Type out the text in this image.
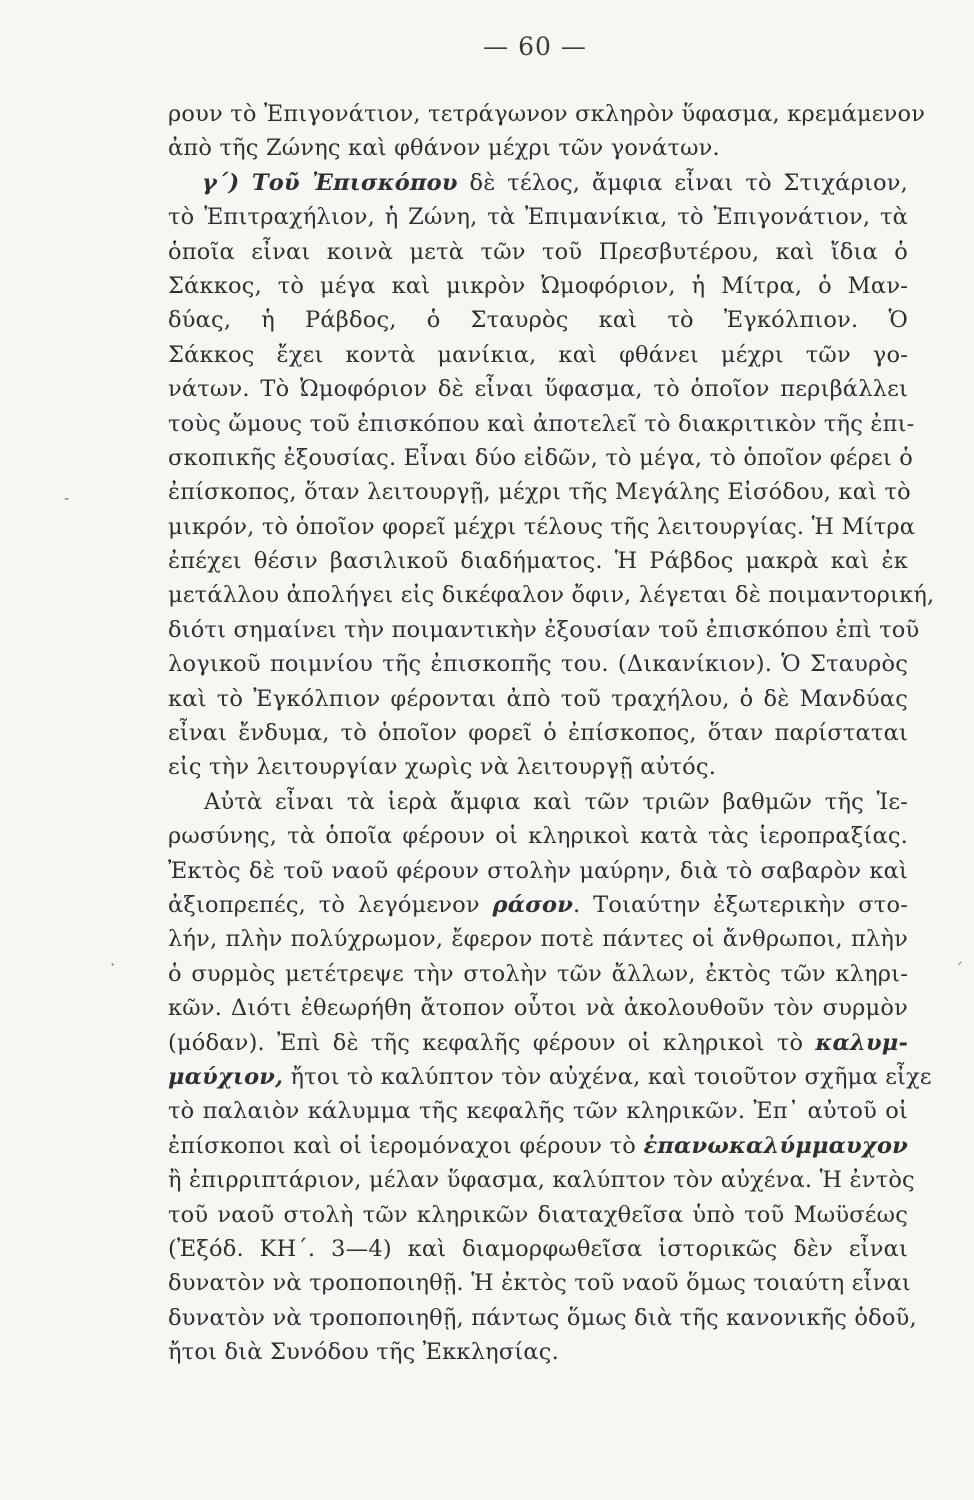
— 60 —
ρουν τὸ Ἐπιγονάτιον, τετράγωνον σκληρὸν ὕφασμα, κρεμάμενον
ἀπὸ τῆς Ζώνης καὶ φθάνον μέχρι τῶν γονάτων.
γ΄) Τοῦ Ἐπισκόπου δὲ τέλος, ἄμφια εἶναι τὸ Στιχάριον,
τὸ Ἐπιτραχήλιον, ἡ Ζώνη, τὰ Ἐπιμανίκια, τὸ Ἐπιγονάτιον, τὰ
ὁποῖα εἶναι κοινὰ μετὰ τῶν τοῦ Πρεσβυτέρου, καὶ ἴδια ὁ
Σάκκος, τὸ μέγα καὶ μικρὸν Ὠμοφόριον, ἡ Μίτρα, ὁ Μαν-
δύας, ἡ Ράβδος, ὁ Σταυρὸς καὶ τὸ Ἐγκόλπιον. Ὁ
Σάκκος ἔχει κοντὰ μανίκια, καὶ φθάνει μέχρι τῶν γο-
νάτων. Τὸ Ὠμοφόριον δὲ εἶναι ὕφασμα, τὸ ὁποῖον περιβάλλει
τοὺς ὤμους τοῦ ἐπισκόπου καὶ ἀποτελεῖ τὸ διακριτικὸν τῆς ἐπι-
σκοπικῆς ἐξουσίας. Εἶναι δύο εἰδῶν, τὸ μέγα, τὸ ὁποῖον φέρει ὁ
ἐπίσκοπος, ὅταν λειτουργῇ, μέχρι τῆς Μεγάλης Εἰσόδου, καὶ τὸ
μικρόν, τὸ ὁποῖον φορεῖ μέχρι τέλους τῆς λειτουργίας. Ἡ Μίτρα
ἐπέχει θέσιν βασιλικοῦ διαδήματος. Ἡ Ράβδος μακρὰ καὶ ἐκ
μετάλλου ἀπολήγει εἰς δικέφαλον ὄφιν, λέγεται δὲ ποιμαντορική,
διότι σημαίνει τὴν ποιμαντικὴν ἐξουσίαν τοῦ ἐπισκόπου ἐπὶ τοῦ
λογικοῦ ποιμνίου τῆς ἐπισκοπῆς του. (Δικανίκιον). Ὁ Σταυρὸς
καὶ τὸ Ἐγκόλπιον φέρονται ἀπὸ τοῦ τραχήλου, ὁ δὲ Μανδύας
εἶναι ἔνδυμα, τὸ ὁποῖον φορεῖ ὁ ἐπίσκοπος, ὅταν παρίσταται
εἰς τὴν λειτουργίαν χωρὶς νὰ λειτουργῇ αὐτός.
Αὐτὰ εἶναι τὰ ἱερὰ ἄμφια καὶ τῶν τριῶν βαθμῶν τῆς Ἱε-
ρωσύνης, τὰ ὁποῖα φέρουν οἱ κληρικοὶ κατὰ τὰς ἱεροπραξίας.
Ἐκτὸς δὲ τοῦ ναοῦ φέρουν στολὴν μαύρην, διὰ τὸ σαβαρὸν καὶ
ἀξιοπρεπές, τὸ λεγόμενον ράσον. Τοιαύτην ἐξωτερικὴν στο-
λήν, πλὴν πολύχρωμον, ἔφερον ποτὲ πάντες οἱ ἄνθρωποι, πλὴν
ὁ συρμὸς μετέτρεψε τὴν στολὴν τῶν ἄλλων, ἐκτὸς τῶν κληρι-
κῶν. Διότι ἐθεωρήθη ἄτοπον οὗτοι νὰ ἀκολουθοῦν τὸν συρμὸν
(μόδαν). Ἐπὶ δὲ τῆς κεφαλῆς φέρουν οἱ κληρικοὶ τὸ καλυμ-
μαύχιον, ἤτοι τὸ καλύπτον τὸν αὐχένα, καὶ τοιοῦτον σχῆμα εἶχε
τὸ παλαιὸν κάλυμμα τῆς κεφαλῆς τῶν κληρικῶν. Ἐπ᾿ αὐτοῦ οἱ
ἐπίσκοποι καὶ οἱ ἱερομόναχοι φέρουν τὸ ἐπανωκαλύμμαυχον
ἢ ἐπιρριπτάριον, μέλαν ὕφασμα, καλύπτον τὸν αὐχένα. Ἡ ἐντὸς
τοῦ ναοῦ στολὴ τῶν κληρικῶν διαταχθεῖσα ὑπὸ τοῦ Μωϋσέως
(Ἐξόδ. ΚΗ΄. 3—4) καὶ διαμορφωθεῖσα ἱστορικῶς δὲν εἶναι
δυνατὸν νὰ τροποποιηθῇ. Ἡ ἐκτὸς τοῦ ναοῦ ὅμως τοιαύτη εἶναι
δυνατὸν νὰ τροποποιηθῇ, πάντως ὅμως διὰ τῆς κανονικῆς ὁδοῦ,
ἤτοι διὰ Συνόδου τῆς Ἐκκλησίας.
-
·	´
